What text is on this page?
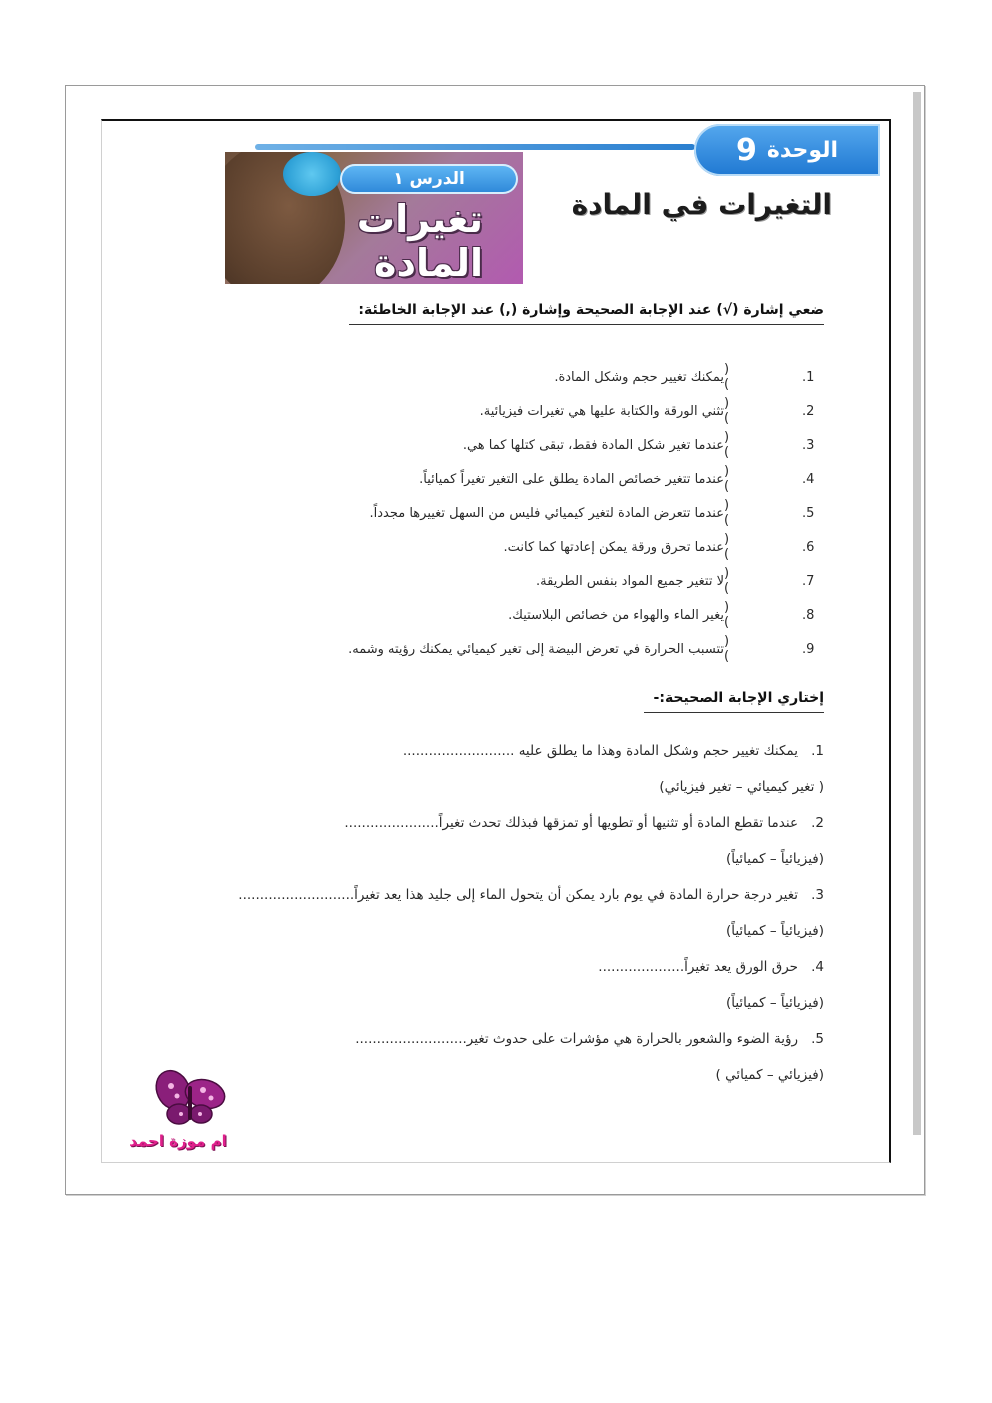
الوحدة
9
الدرس ١
تغيرات
المادة
التغيرات في المادة
ضعي إشارة (√) عند الإجابة الصحيحة وإشارة (,) عند الإجابة الخاطئة:
1.
( )
يمكنك تغيير حجم وشكل المادة.
2.
( )
تثني الورقة والكتابة عليها هي تغيرات فيزيائية.
3.
( )
عندما تغير شكل المادة فقط، تبقى كتلها كما هي.
4.
( )
عندما تتغير خصائص المادة يطلق على التغير تغيراً كميائياً.
5.
( )
عندما تتعرض المادة لتغير كيميائي فليس من السهل تغييرها مجدداً.
6.
( )
عندما تحرق ورقة يمكن إعادتها كما كانت.
7.
( )
لا تتغير جميع المواد بنفس الطريقة.
8.
( )
يغير الماء والهواء من خصائص البلاستيك.
9.
( )
تتسبب الحرارة في تعرض البيضة إلى تغير كيميائي يمكنك رؤيته وشمه.
إختاري الإجابة الصحيحة:-
1.
يمكنك تغيير حجم وشكل المادة وهذا ما يطلق عليه ..........................
( تغير كيميائي – تغير فيزيائي)
2.
عندما تقطع المادة أو تثنيها أو تطويها أو تمزقها فبذلك تحدث تغيراً......................
(فيزيائياً – كميائياً)
3.
تغير درجة حرارة المادة في يوم بارد يمكن أن يتحول الماء إلى جليد هذا يعد تغيراً...........................
(فيزيائياً – كميائياً)
4.
حرق الورق يعد تغيراً....................
(فيزيائياً – كميائياً)
5.
رؤية الضوء والشعور بالحرارة هي مؤشرات على حدوث تغير..........................
(فيزيائي – كميائي )
ام موزة احمد
